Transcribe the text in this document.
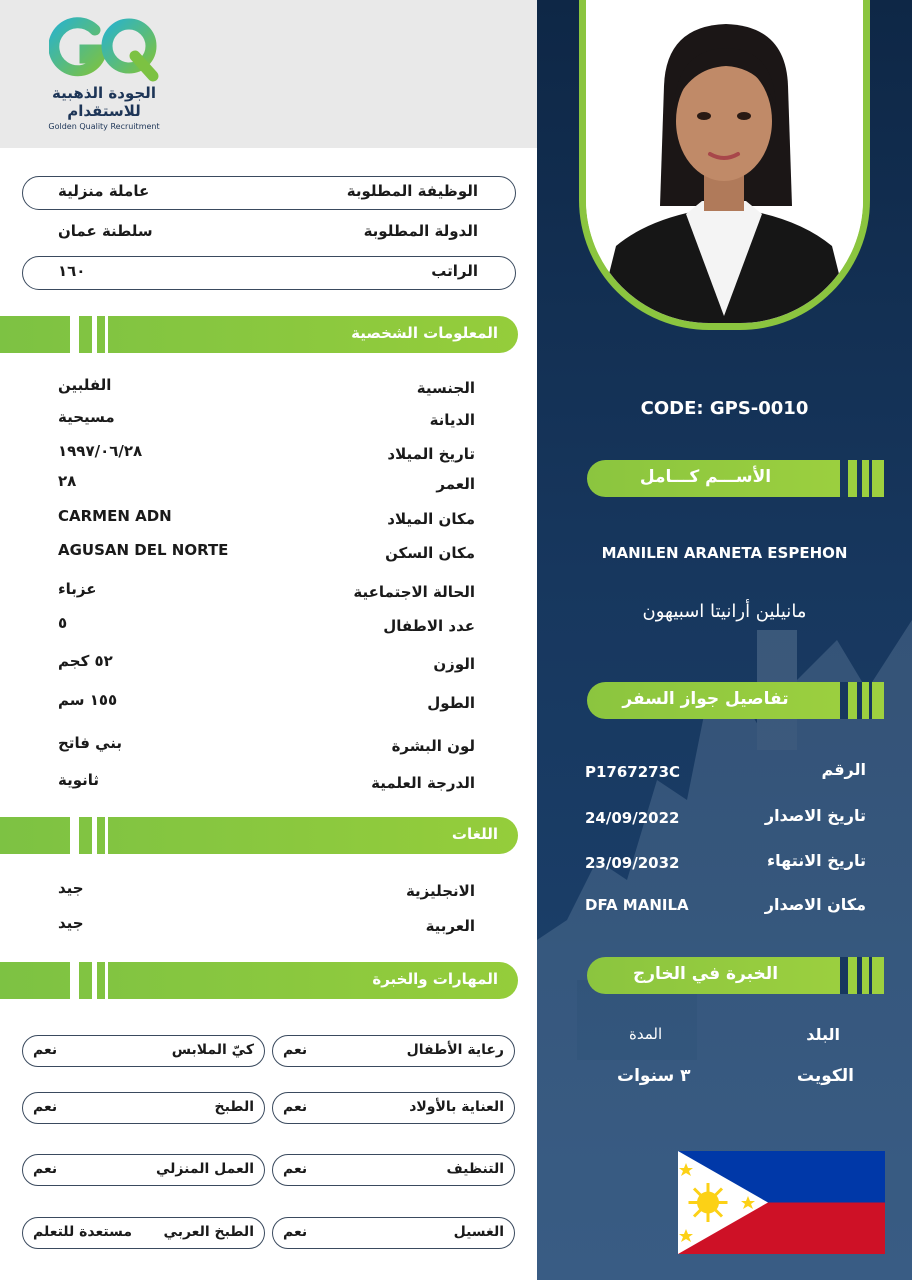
الجودة الذهبية للاستقدام
Golden Quality Recruitment
الوظيفة المطلوبة
عاملة منزلية
الدولة المطلوبة
سلطنة عمان
الراتب
١٦٠
المعلومات الشخصية
الجنسية
الفلبين
الديانة
مسيحية
تاريخ الميلاد
١٩٩٧/٠٦/٢٨
العمر
٢٨
مكان الميلاد
CARMEN ADN
مكان السكن
AGUSAN DEL NORTE
الحالة الاجتماعية
عزباء
عدد الاطفال
٥
الوزن
٥٢ كجم
الطول
١٥٥ سم
لون البشرة
بني فاتح
الدرجة العلمية
ثانوية
اللغات
الانجليزية
جيد
العربية
جيد
المهارات والخبرة
رعاية الأطفال
نعم
كيّ الملابس
نعم
العناية بالأولاد
نعم
الطبخ
نعم
التنظيف
نعم
العمل المنزلي
نعم
الغسيل
نعم
الطبخ العربي
مستعدة للتعلم
CODE: GPS-0010
الأســـم كـــامل
MANILEN ARANETA ESPEHON
مانيلين أرانيتا اسبيهون
تفاصيل جواز السفر
الرقم
P1767273C
تاريخ الاصدار
24/09/2022
تاريخ الانتهاء
23/09/2032
مكان الاصدار
DFA MANILA
الخبرة في الخارج
البلد
المدة
الكويت
٣ سنوات
